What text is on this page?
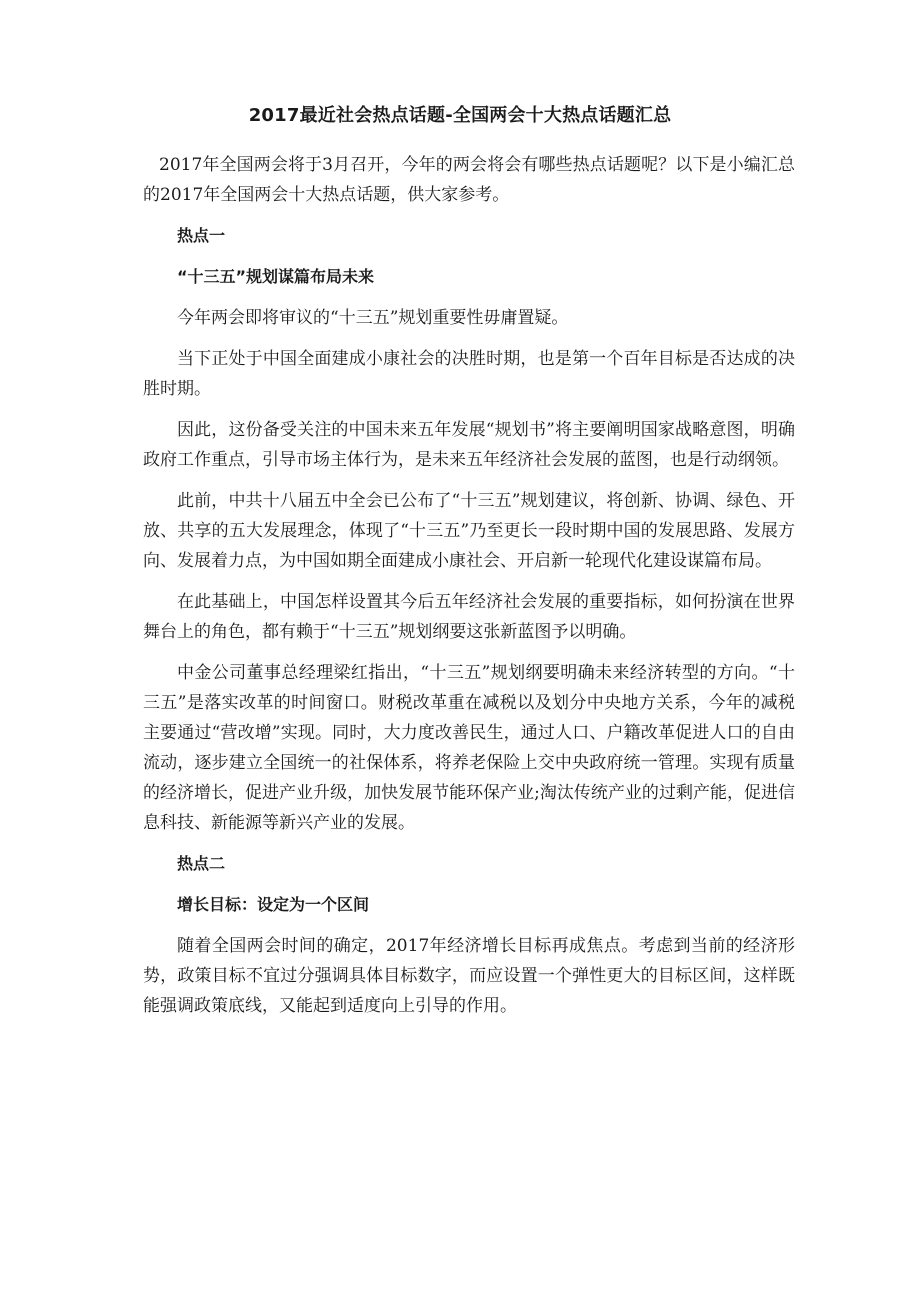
2017最近社会热点话题-全国两会十大热点话题汇总

2017年全国两会将于3月召开，今年的两会将会有哪些热点话题呢？以下是小编汇总的2017年全国两会十大热点话题，供大家参考。

热点一
“十三五”规划谋篇布局未来

今年两会即将审议的“十三五”规划重要性毋庸置疑。

当下正处于中国全面建成小康社会的决胜时期，也是第一个百年目标是否达成的决胜时期。

因此，这份备受关注的中国未来五年发展“规划书”将主要阐明国家战略意图，明确政府工作重点，引导市场主体行为，是未来五年经济社会发展的蓝图，也是行动纲领。

此前，中共十八届五中全会已公布了“十三五”规划建议，将创新、协调、绿色、开放、共享的五大发展理念，体现了“十三五”乃至更长一段时期中国的发展思路、发展方向、发展着力点，为中国如期全面建成小康社会、开启新一轮现代化建设谋篇布局。

在此基础上，中国怎样设置其今后五年经济社会发展的重要指标，如何扮演在世界舞台上的角色，都有赖于“十三五”规划纲要这张新蓝图予以明确。

中金公司董事总经理梁红指出，“十三五”规划纲要明确未来经济转型的方向。“十三五”是落实改革的时间窗口。财税改革重在减税以及划分中央地方关系，今年的减税主要通过“营改增”实现。同时，大力度改善民生，通过人口、户籍改革促进人口的自由流动，逐步建立全国统一的社保体系，将养老保险上交中央政府统一管理。实现有质量的经济增长，促进产业升级，加快发展节能环保产业;淘汰传统产业的过剩产能，促进信息科技、新能源等新兴产业的发展。

热点二
增长目标：设定为一个区间

随着全国两会时间的确定，2017年经济增长目标再成焦点。考虑到当前的经济形势，政策目标不宜过分强调具体目标数字，而应设置一个弹性更大的目标区间，这样既能强调政策底线，又能起到适度向上引导的作用。
